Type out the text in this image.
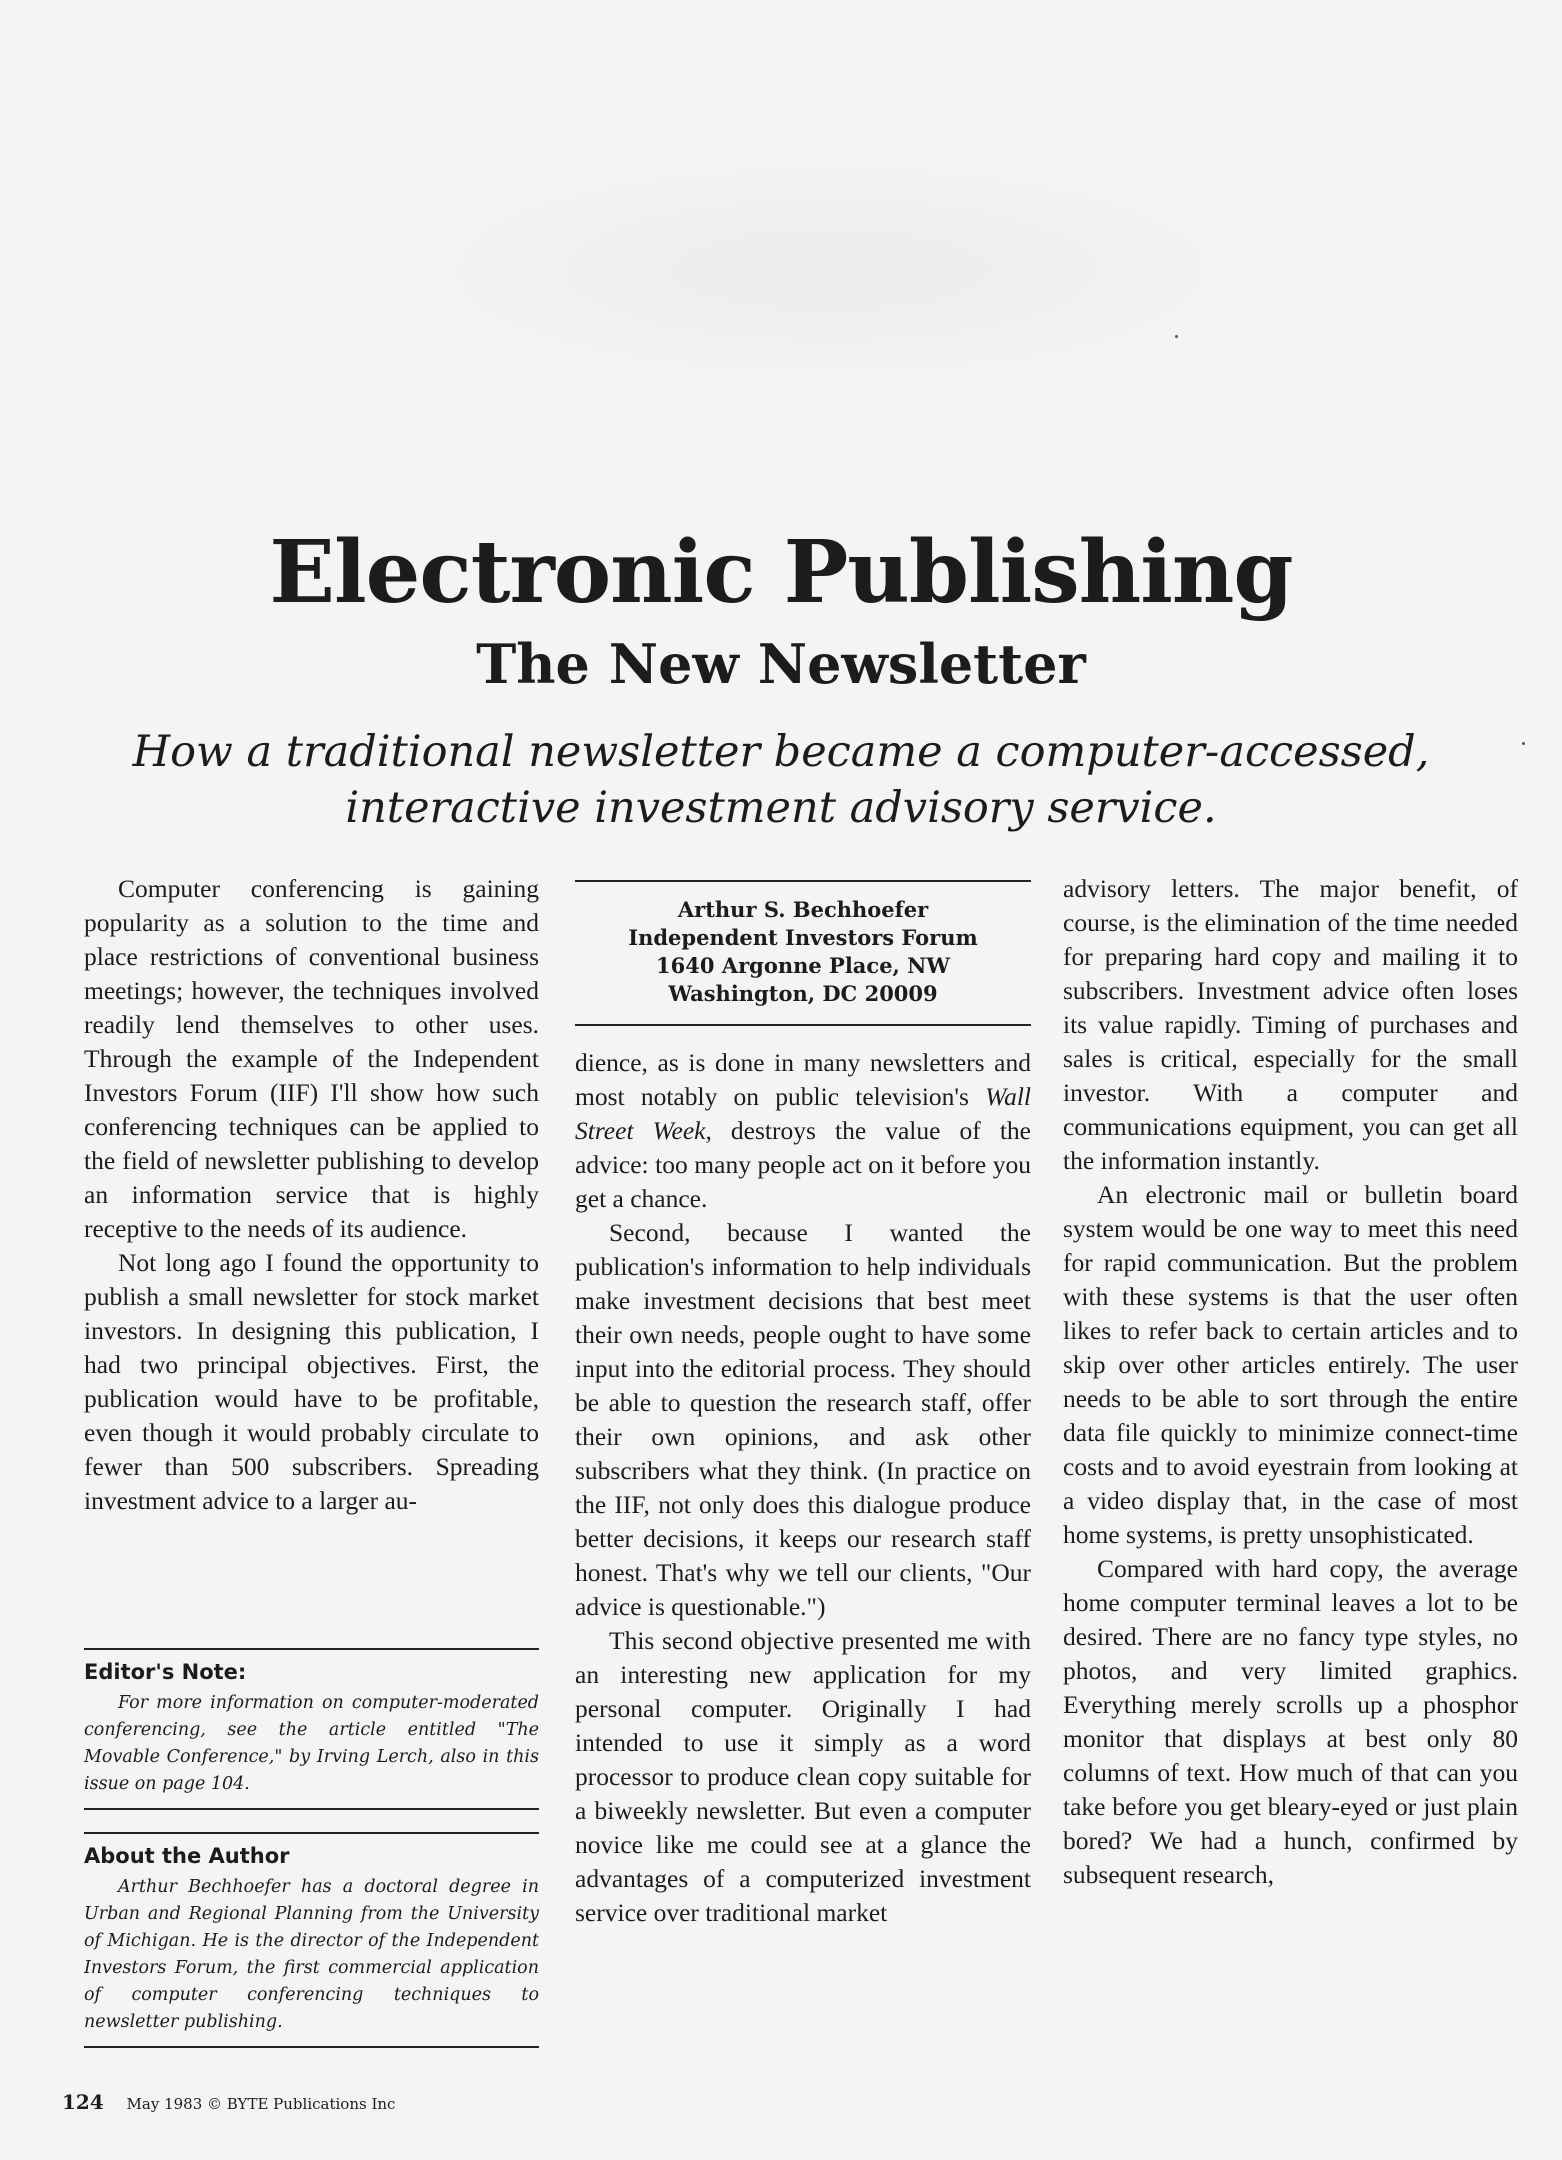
Electronic Publishing
The New Newsletter
How a traditional newsletter became a computer-accessed,
interactive investment advisory service.

Computer conferencing is gaining popularity as a solution to the time and place restrictions of conventional business meetings; however, the techniques involved readily lend themselves to other uses. Through the example of the Independent Investors Forum (IIF) I'll show how such conferencing techniques can be applied to the field of newsletter publishing to develop an information service that is highly receptive to the needs of its audience.

Not long ago I found the opportunity to publish a small newsletter for stock market investors. In designing this publication, I had two principal objectives. First, the publication would have to be profitable, even though it would probably circulate to fewer than 500 subscribers. Spreading investment advice to a larger au-

Editor's Note:

For more information on computer-moderated conferencing, see the article entitled "The Movable Conference," by Irving Lerch, also in this issue on page 104.

About the Author

Arthur Bechhoefer has a doctoral degree in Urban and Regional Planning from the University of Michigan. He is the director of the Independent Investors Forum, the first commercial application of computer conferencing techniques to newsletter publishing.

Arthur S. Bechhoefer
Independent Investors Forum
1640 Argonne Place, NW
Washington, DC 20009

dience, as is done in many newsletters and most notably on public television's Wall Street Week, destroys the value of the advice: too many people act on it before you get a chance.

Second, because I wanted the publication's information to help individuals make investment decisions that best meet their own needs, people ought to have some input into the editorial process. They should be able to question the research staff, offer their own opinions, and ask other subscribers what they think. (In practice on the IIF, not only does this dialogue produce better decisions, it keeps our research staff honest. That's why we tell our clients, "Our advice is questionable.")

This second objective presented me with an interesting new application for my personal computer. Originally I had intended to use it simply as a word processor to produce clean copy suitable for a biweekly newsletter. But even a computer novice like me could see at a glance the advantages of a computerized investment service over traditional market

advisory letters. The major benefit, of course, is the elimination of the time needed for preparing hard copy and mailing it to subscribers. Investment advice often loses its value rapidly. Timing of purchases and sales is critical, especially for the small investor. With a computer and communications equipment, you can get all the information instantly.

An electronic mail or bulletin board system would be one way to meet this need for rapid communication. But the problem with these systems is that the user often likes to refer back to certain articles and to skip over other articles entirely. The user needs to be able to sort through the entire data file quickly to minimize connect-time costs and to avoid eyestrain from looking at a video display that, in the case of most home systems, is pretty unsophisticated.

Compared with hard copy, the average home computer terminal leaves a lot to be desired. There are no fancy type styles, no photos, and very limited graphics. Everything merely scrolls up a phosphor monitor that displays at best only 80 columns of text. How much of that can you take before you get bleary-eyed or just plain bored? We had a hunch, confirmed by subsequent research,

124 May 1983 © BYTE Publications Inc
